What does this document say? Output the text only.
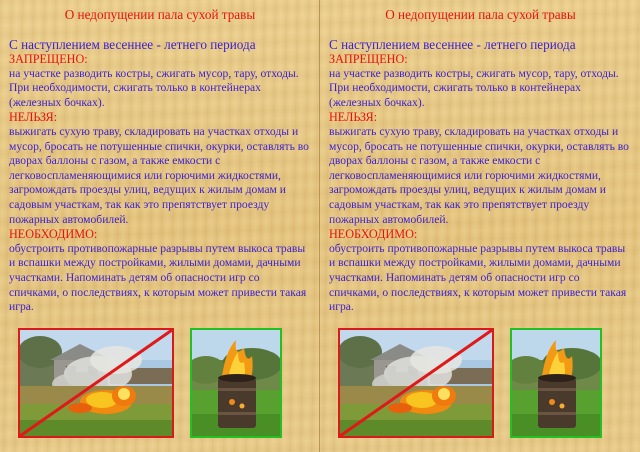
О недопущении пала сухой травы
С наступлением весеннее - летнего периода
ЗАПРЕЩЕНО:
на участке разводить костры, сжигать мусор, тару, отходы. При необходимости, сжигать только в контейнерах (железных бочках).
НЕЛЬЗЯ:
выжигать сухую траву, складировать на участках отходы и мусор, бросать не потушенные спички, окурки, оставлять во дворах баллоны с газом, а также емкости с легковоспламеняющимися или горючими жидкостями, загромождать проезды улиц, ведущих к жилым домам и садовым участкам, так как это препятствует проезду пожарных автомобилей.
НЕОБХОДИМО:
обустроить противопожарные разрывы путем выкоса травы и вспашки между постройками, жилыми домами, дачными участками. Напоминать детям об опасности игр со спичками, о последствиях, к которым может привести такая игра.
О недопущении пала сухой травы
С наступлением весеннее - летнего периода
ЗАПРЕЩЕНО:
на участке разводить костры, сжигать мусор, тару, отходы. При необходимости, сжигать только в контейнерах (железных бочках).
НЕЛЬЗЯ:
выжигать сухую траву, складировать на участках отходы и мусор, бросать не потушенные спички, окурки, оставлять во дворах баллоны с газом, а также емкости с легковоспламеняющимися или горючими жидкостями, загромождать проезды улиц, ведущих к жилым домам и садовым участкам, так как это препятствует проезду пожарных автомобилей.
НЕОБХОДИМО:
обустроить противопожарные разрывы путем выкоса травы и вспашки между постройками, жилыми домами, дачными участками. Напоминать детям об опасности игр со спичками, о последствиях, к которым может привести такая игра.
